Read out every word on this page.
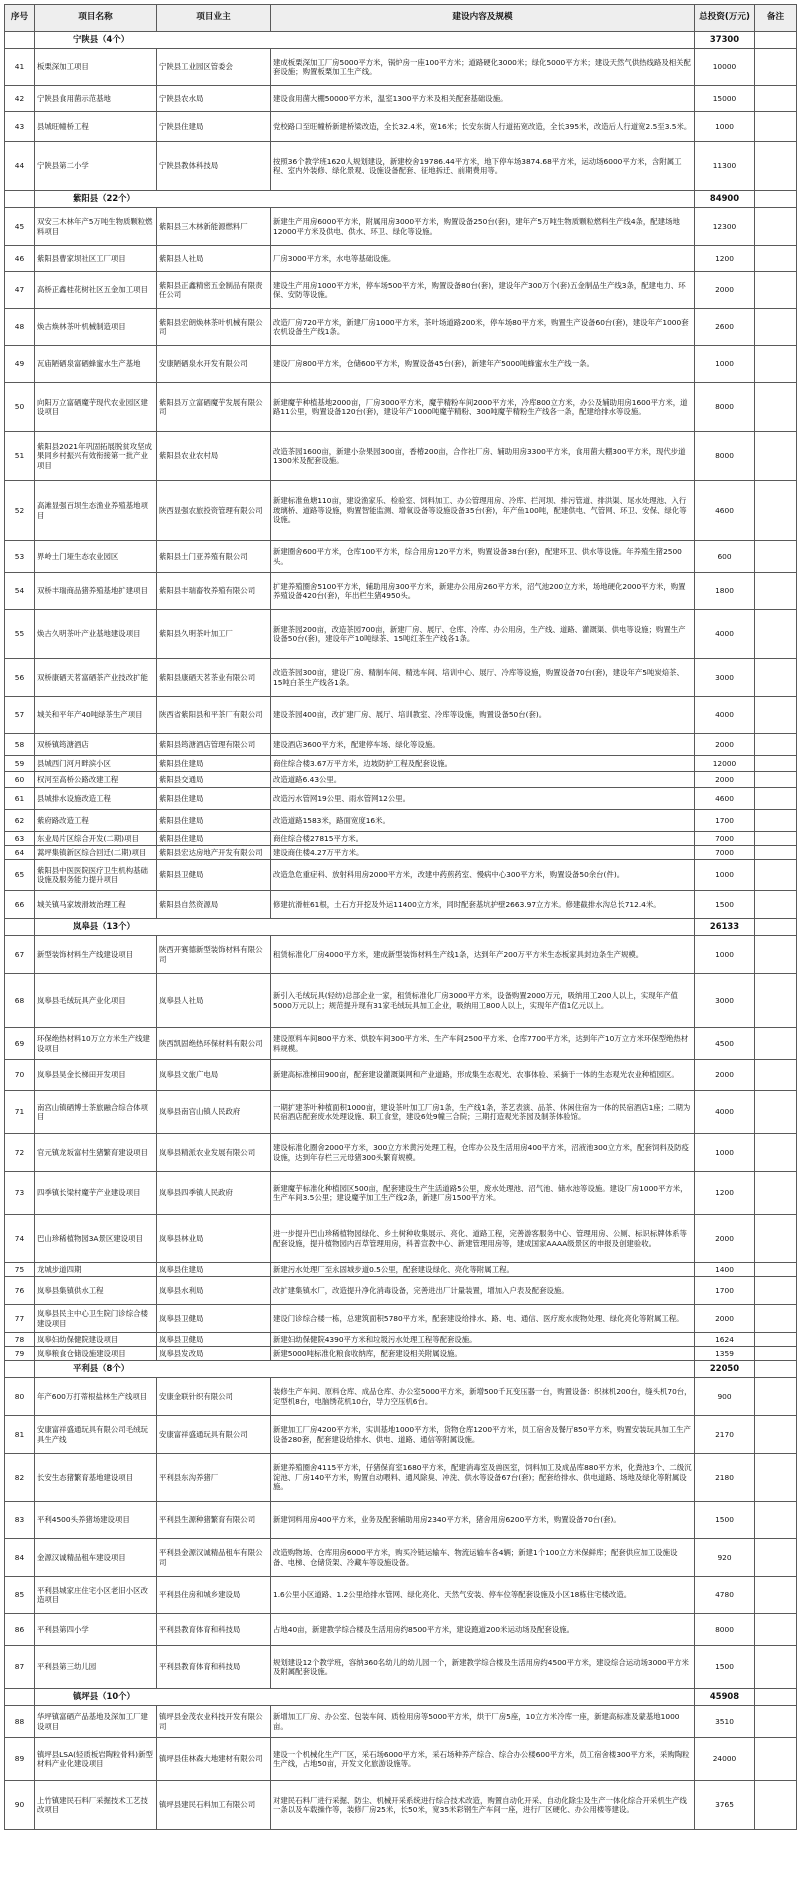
序号	项目名称	项目业主	建设内容及规模	总投资(万元)	备注
	宁陕县（4个）			37300	
41	板栗深加工项目	宁陕县工业园区管委会	建成板栗深加工厂房5000平方米，锅炉房一座100平方米；道路硬化3000米；绿化5000平方米；建设天然气供热线路及相关配套设施；购置板栗加工生产线。	10000	
42	宁陕县食用菌示范基地	宁陕县农水局	建设食用菌大棚50000平方米，温室1300平方米及相关配套基础设施。	15000	
43	县城旺幢桥工程	宁陕县住建局	党校路口至旺幢桥新建桥梁改造，全长32.4米，宽16米；长安东街人行道拓宽改造，全长395米，改造后人行道宽2.5至3.5米。	1000	
44	宁陕县第二小学	宁陕县教体科技局	按照36个教学班1620人规划建设，新建校舍19786.44平方米，地下停车场3874.68平方米，运动场6000平方米，含附属工程、室内外装修、绿化景观、设施设备配套、征地拆迁、前期费用等。	11300	
	紫阳县（22个）			84900	
45	双安三木林年产5万吨生物质颗粒燃料项目	紫阳县三木林新能源燃料厂	新建生产用房6000平方米，附属用房3000平方米，购置设备250台(套)，建年产5万吨生物质颗粒燃料生产线4条，配建场地12000平方米及供电、供水、环卫、绿化等设施。	12300	
46	紫阳县曹家坝社区工厂项目	紫阳县人社局	厂房3000平方米，水电等基础设施。	1200	
47	高桥正鑫桂花树社区五金加工项目	紫阳县正鑫精密五金制品有限责任公司	建设生产用房1000平方米，停车场500平方米，购置设备80台(套)，建设年产300万个(套)五金制品生产线3条，配建电力、环保、安防等设施。	2000	
48	焕古焕林茶叶机械制造项目	紫阳县宏朗焕林茶叶机械有限公司	改造厂房720平方米，新建厂房1000平方米，茶叶场道路200米，停车场80平方米，购置生产设备60台(套)，建设年产1000套农机设备生产线1条。	2600	
49	瓦庙陋硒泉富硒蜂蜜水生产基地	安康陋硒泉水开发有限公司	建设厂房800平方米，仓储600平方米，购置设备45台(套)，新建年产5000吨蜂蜜水生产线一条。	1000	
50	向阳万立富硒魔芋现代农业园区建设项目	紫阳县万立富硒魔芋发展有限公司	新建魔芋种植基地2000亩，厂房3000平方米，魔芋精粉车间2000平方米，冷库800立方米，办公及辅助用房1600平方米，道路11公里，购置设备120台(套)，建设年产1000吨魔芋精粉、300吨魔芋精粉生产线各一条，配建给排水等设施。	8000	
51	紫阳县2021年巩固拓展脱贫攻坚成果同乡村振兴有效衔接第一批产业项目	紫阳县农业农村局	改造茶园1600亩，新建小杂果园300亩，香椿200亩，合作社厂房、辅助用房3300平方米，食用菌大棚300平方米，现代步道1300米及配套设施。	8000	
52	高滩显强百坝生态渔业养殖基地项目	陕西显强农旅投资管理有限公司	新建标准鱼塘110亩，建设渔家乐、检验室、饲料加工、办公管理用房、冷库、拦河坝、排污管道、排洪渠、尾水处理池、入行玻璃桥、道路等设施，购置智能监测、增氧设备等设施设备35台(套)，年产鱼100吨，配建供电、气管网、环卫、安保、绿化等设施。	4600	
53	界岭土门垭生态农业园区	紫阳县土门亚养殖有限公司	新建圈舍600平方米，仓库100平方米，综合用房120平方米，购置设备38台(套)，配建环卫、供水等设施。年养殖生猪2500头。	600	
54	双桥丰瑞商品猪养殖基地扩建项目	紫阳县丰瑞畜牧养殖有限公司	扩建养殖圈舍5100平方米，辅助用房300平方米，新建办公用房260平方米，沼气池200立方米，场地硬化2000平方米，购置养殖设备420台(套)，年出栏生猪4950头。	1800	
55	焕古久明茶叶产业基地建设项目	紫阳县久明茶叶加工厂	新建茶园200亩，改造茶园700亩，新建厂房、展厅、仓库、冷库、办公用房，生产线、道路、灌溉渠、供电等设施；购置生产设备50台(套)，建设年产10吨绿茶、15吨红茶生产线各1条。	4000	
56	双桥康硒天茗富硒茶产业技改扩能	紫阳县康硒天茗茶业有限公司	改造茶园300亩，建设厂房、精制车间、精选车间、培训中心、展厅、冷库等设施，购置设备70台(套)，建设年产5吨炭焙茶、15吨白茶生产线各1条。	3000	
57	城关和平年产40吨绿茶生产项目	陕西省紫阳县和平茶厂有限公司	建设茶园400亩，改扩建厂房、展厅、培训教室、冷库等设施，购置设备50台(套)。	4000	
58	双桥镇筠溏酒店	紫阳县筠溏酒店管理有限公司	建设酒店3600平方米，配建停车场、绿化等设施。	2000	
59	县城西门河月畔滨小区	紫阳县住建局	商住综合楼3.67万平方米，边坡防护工程及配套设施。	12000	
60	权河至高桥公路改建工程	紫阳县交通局	改造道路6.43公里。	2000	
61	县城排水设施改造工程	紫阳县住建局	改造污水管网19公里、雨水管网12公里。	4600	
62	紫府路改造工程	紫阳县住建局	改造道路1583米，路面宽度16米。	1700	
63	东业局片区综合开发(二期)项目	紫阳县住建局	商住综合楼27815平方米。	7000	
64	蒿坪集镇新区综合回迁(二期)项目	紫阳县宏达房地产开发有限公司	建设商住楼4.27万平方米。	7000	
65	紫阳县中医医院医疗卫生机构基础设施及服务能力提升项目	紫阳县卫健局	改造急危重症科、放射科用房2000平方米，改建中药煎药室、慢病中心300平方米，购置设备50余台(件)。	1000	
66	城关镇马家坡滑坡治理工程	紫阳县自然资源局	修建抗滑桩61根，土石方开挖及外运11400立方米，同时配套基坑护壁2663.97立方米。修建截排水沟总长712.4米。	1500	
	岚皋县（13个）			26133	
67	新型装饰材料生产线建设项目	陕西开赛德新型装饰材料有限公司	租赁标准化厂房4000平方米，建成新型装饰材料生产线1条，达到年产200万平方米生态板家具封边条生产规模。	1000	
68	岚皋县毛绒玩具产业化项目	岚皋县人社局	新引入毛绒玩具(轻纺)总部企业一家，租赁标准化厂房3000平方米，设备购置2000万元，吸纳用工200人以上，实现年产值5000万元以上；规范提升现有31家毛绒玩具加工企业，吸纳用工800人以上，实现年产值1亿元以上。	3000	
69	环保绝热材料10万立方米生产线建设项目	陕西凯固绝热环保材料有限公司	建设原料车间800平方米、烘胶车间300平方米、生产车间2500平方米、仓库7700平方米，达到年产10万立方米环保型绝热材料规模。	4500	
70	岚皋县昊金长梯田开发项目	岚皋县文旅广电局	新建高标准梯田900亩，配套建设灌溉渠网和产业道路，形成集生态观光、农事体验、采摘于一体的生态观光农业种植园区。	2000	
71	南宫山镇硒博士茶旅融合综合体项目	岚皋县南宫山镇人民政府	一期扩建茶叶种植面积1000亩，建设茶叶加工厂房1条，生产线1条，茶艺表演、品茶、休闲住宿为一体的民宿酒店1座；二期为民宿酒店配套废水处理设施、职工食堂，建设6处9幢三合院；三期打造观光茶园及制茶体验馆。	4000	
72	官元镇龙坂富村生猪繁育建设项目	岚皋县精派农业发展有限公司	建设标准化圈舍2000平方米，300立方米黄污处理工程，仓库办公及生活用房400平方米，沼液池300立方米，配套饲料及防疫设施，达到年存栏三元母猪300头繁育规模。	1000	
73	四季镇长梁村魔芋产业建设项目	岚皋县四季镇人民政府	新建魔芋标准化种植园区500亩，配套建设生产生活道路5公里，废水处理池、沼气池、储水池等设施。建设厂房1000平方米，生产车间3.5公里；建设魔芋加工生产线2条，新建厂房1500平方米。	1200	
74	巴山珍稀植物园3A景区建设项目	岚皋县林业局	进一步提升巴山珍稀植物园绿化、乡土树种收集展示、亮化、道路工程，完善游客服务中心、管理用房、公厕、标识标牌体系等配套设施，提升植物园内百草管理用房，科普宣教中心、新建管理用房等，建成国家AAAA级景区的申报及创建验收。	2000	
75	龙城步道四期	岚皋县住建局	新建污水处理厂至永固城步道0.5公里，配套建设绿化、亮化等附属工程。	1400	
76	岚皋县集镇供水工程	岚皋县水利局	改扩建集镇水厂，改造提升净化消毒设备，完善进出厂计量装置，增加入户表及配套设施。	1700	
77	岚皋县民主中心卫生院门诊综合楼建设项目	岚皋县卫健局	建设门诊综合楼一栋，总建筑面积5780平方米，配套建设给排水、路、电、通信、医疗废水废物处理、绿化亮化等附属工程。	2000	
78	岚皋妇幼保健院建设项目	岚皋县卫健局	新建妇幼保健院4390平方米和垃圾污水处理工程等配套设施。	1624	
79	岚皋粮食仓储设施建设项目	岚皋县发改局	新建5000吨标准化粮食收纳库，配套建设相关附属设施。	1359	
	平利县（8个）			22050	
80	年产600万打蒂根盐林生产线项目	安康金联针织有限公司	装修生产车间、原料仓库、成品仓库、办公室5000平方米，新增500千瓦变压器一台，购置设备：织袜机200台，缝头机70台，定型机8台，电脑绣花机10台，导力空压机6台。	900	
81	安康富祥盛通玩具有限公司毛绒玩具生产线	安康富祥盛通玩具有限公司	新建加工厂房4200平方米，实训基地1000平方米，货物仓库1200平方米，员工宿舍及餐厅850平方米，购置安装玩具加工生产设备280套，配套建设给排水、供电、道路、通信等附属设施。	2170	
82	长安生态猪繁育基地建设项目	平利县东沟养猪厂	新建养殖圈舍4115平方米，仔猪保育室1680平方米，配建消毒室及兽医室，饲料加工及成品库880平方米，化粪池3个、二级沉淀池、厂房140平方米，购置自动喂料、通风除臭、冲洗、供水等设备67台(套)；配套给排水、供电道路、场地及绿化等附属设施。	2180	
83	平利4500头养猪场建设项目	平利县生源种猪繁育有限公司	新建饲料用房400平方米，业务及配套辅助用房2340平方米，猪舍用房6200平方米，购置设备70台(套)。	1500	
84	金源汉诚精品租车建设项目	平利县金源汉诚精品租车有限公司	改造购物场、仓库用房6000平方米，购买冷链运输车、物流运输车各4辆；新建1个100立方米保鲜库；配套供应加工设施设备、电梯、仓储货架、冷藏车等设施设备。	920	
85	平利县城家庄住宅小区老旧小区改造项目	平利县住房和城乡建设局	1.6公里小区道路、1.2公里给排水管网、绿化亮化、天然气安装、停车位等配套设施及小区18栋住宅楼改造。	4780	
86	平利县第四小学	平利县教育体育和科技局	占地40亩，新建教学综合楼及生活用房约8500平方米，建设跑道200米运动场及配套设施。	8000	
87	平利县第三幼儿园	平利县教育体育和科技局	规划建设12个教学班，容纳360名幼儿的幼儿园一个，新建教学综合楼及生活用房约4500平方米，建设综合运动场3000平方米及附属配套设施。	1500	
	镇坪县（10个）			45908	
88	华坪镇富硒产品基地及深加工厂建设项目	镇坪县金茂农业科技开发有限公司	新增加工厂房、办公室、包装车间、质检用房等5000平方米，烘干厂房5座，10立方米冷库一座，新建高标准及蒙基地1000亩。	3510	
89	镇坪县LSA(轻质板岩陶粒骨料)新型材料产业化建设项目	镇坪县佳林森大地建材有限公司	建设一个机械化生产厂区，采石场6000平方米，采石场种养产综合、综合办公楼600平方米，员工宿舍楼300平方米，采购陶粒生产线，占地50亩，开发文化旅游设施等。	24000	
90	上竹镇建民石料厂采掘技术工艺技改项目	镇坪县建民石料加工有限公司	对建民石料厂进行采掘、防尘、机械开采系统进行综合技术改造，购置自动化开采、自动化除尘及生产一体化综合开采机生产线一条以及车载操作等，装修厂房25米，长50米，宽35米彩钢生产车间一座，进行厂区硬化、办公用楼等建设。	3765	
